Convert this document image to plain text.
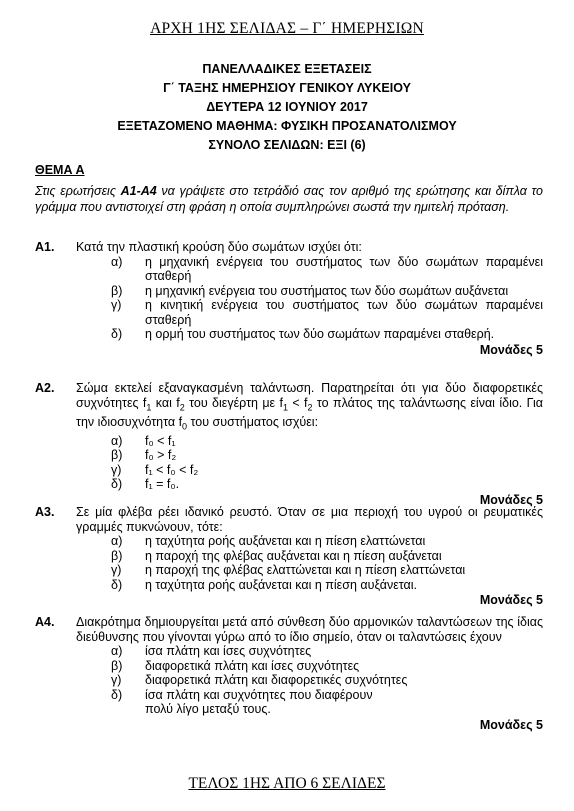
ΑΡΧΗ 1ΗΣ ΣΕΛΙΔΑΣ – Γ΄ ΗΜΕΡΗΣΙΩΝ
ΠΑΝΕΛΛΑΔΙΚΕΣ ΕΞΕΤΑΣΕΙΣ
Γ΄ ΤΑΞΗΣ ΗΜΕΡΗΣΙΟΥ ΓΕΝΙΚΟΥ ΛΥΚΕΙΟΥ
ΔΕΥΤΕΡΑ 12 ΙΟΥΝΙΟΥ 2017
ΕΞΕΤΑΖΟΜΕΝΟ ΜΑΘΗΜΑ: ΦΥΣΙΚΗ ΠΡΟΣΑΝΑΤΟΛΙΣΜΟΥ
ΣΥΝΟΛΟ ΣΕΛΙΔΩΝ: ΕΞΙ (6)
ΘΕΜΑ Α
Στις ερωτήσεις Α1-Α4 να γράψετε στο τετράδιό σας τον αριθμό της ερώτησης και δίπλα το γράμμα που αντιστοιχεί στη φράση η οποία συμπληρώνει σωστά την ημιτελή πρόταση.
Α1. Κατά την πλαστική κρούση δύο σωμάτων ισχύει ότι:
α)	η μηχανική ενέργεια του συστήματος των δύο σωμάτων παραμένει σταθερή
β)	η μηχανική ενέργεια του συστήματος των δύο σωμάτων αυξάνεται
γ)	η κινητική ενέργεια του συστήματος των δύο σωμάτων παραμένει σταθερή
δ)	η ορμή του συστήματος των δύο σωμάτων παραμένει σταθερή.
Μονάδες 5
Α2. Σώμα εκτελεί εξαναγκασμένη ταλάντωση. Παρατηρείται ότι για δύο διαφορετικές συχνότητες $f_1$ και $f_2$ του διεγέρτη με $f_1 < f_2$ το πλάτος της ταλάντωσης είναι ίδιο. Για την ιδιοσυχνότητα $f_0$ του συστήματος ισχύει:
α)	f₀ < f₁
β)	f₀ > f₂
γ)	f₁ < f₀ < f₂
δ)	f₁ = f₀.
Μονάδες 5
Α3. Σε μία φλέβα ρέει ιδανικό ρευστό. Όταν σε μια περιοχή του υγρού οι ρευματικές γραμμές πυκνώνουν, τότε:
α)	η ταχύτητα ροής αυξάνεται και η πίεση ελαττώνεται
β)	η παροχή της φλέβας αυξάνεται και η πίεση αυξάνεται
γ)	η παροχή της φλέβας ελαττώνεται και η πίεση ελαττώνεται
δ)	η ταχύτητα ροής αυξάνεται και η πίεση αυξάνεται.
Μονάδες 5
Α4. Διακρότημα δημιουργείται μετά από σύνθεση δύο αρμονικών ταλαντώσεων της ίδιας διεύθυνσης που γίνονται γύρω από το ίδιο σημείο, όταν οι ταλαντώσεις έχουν
α)	ίσα πλάτη και ίσες συχνότητες
β)	διαφορετικά πλάτη και ίσες συχνότητες
γ)	διαφορετικά πλάτη και διαφορετικές συχνότητες
δ)	ίσα πλάτη και συχνότητες που διαφέρουν πολύ λίγο μεταξύ τους.
Μονάδες 5
ΤΕΛΟΣ 1ΗΣ ΑΠΟ 6 ΣΕΛΙΔΕΣ
